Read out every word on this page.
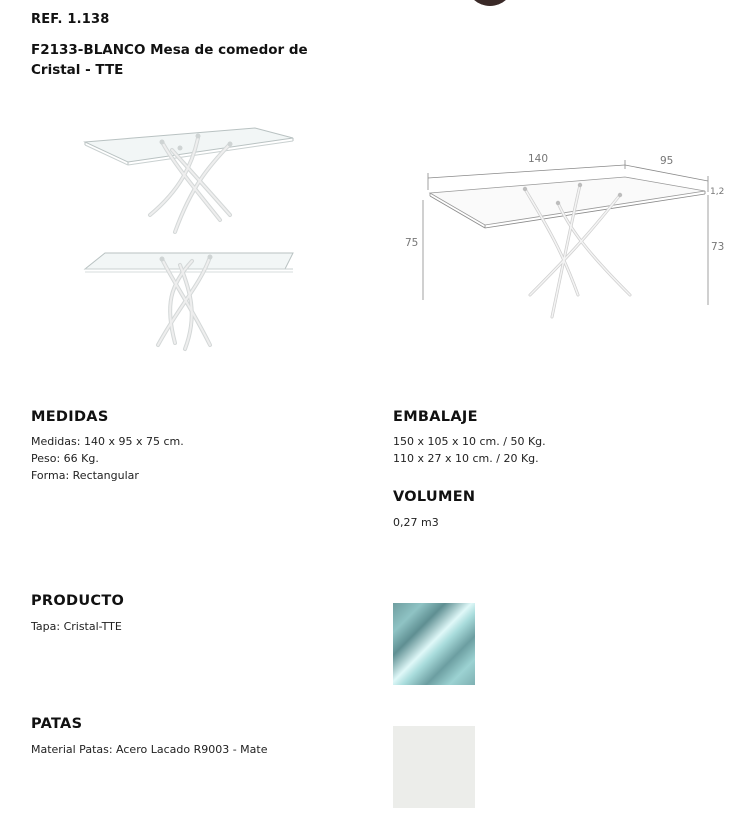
REF. 1.138
F2133-BLANCO Mesa de comedor de
Cristal - TTE
140	95
1,2
75	73
MEDIDAS
Medidas: 140 x 95 x 75 cm.
Peso: 66 Kg.
Forma: Rectangular
EMBALAJE
150 x 105 x 10 cm. / 50 Kg.
110 x 27 x 10 cm. / 20 Kg.
VOLUMEN
0,27 m3
PRODUCTO
Tapa: Cristal-TTE
PATAS
Material Patas: Acero Lacado R9003 - Mate
